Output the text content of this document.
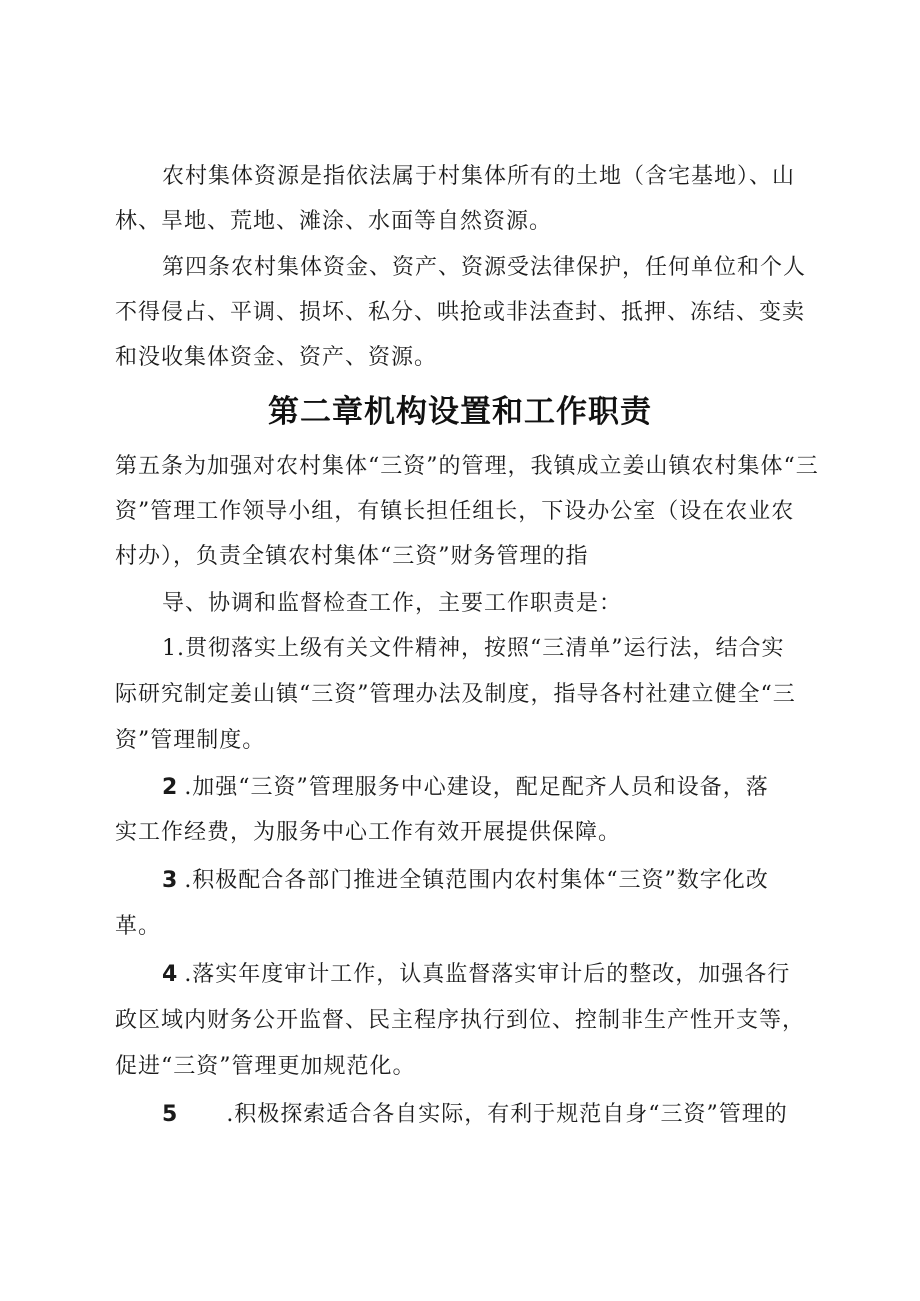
农村集体资源是指依法属于村集体所有的土地（含宅基地）、山
林、旱地、荒地、滩涂、水面等自然资源。
第四条农村集体资金、资产、资源受法律保护，任何单位和个人
不得侵占、平调、损坏、私分、哄抢或非法查封、抵押、冻结、变卖
和没收集体资金、资产、资源。
第二章机构设置和工作职责
第五条为加强对农村集体“三资”的管理，我镇成立姜山镇农村集体“三
资”管理工作领导小组，有镇长担任组长，下设办公室（设在农业农
村办），负责全镇农村集体“三资”财务管理的指
导、协调和监督检查工作，主要工作职责是：
1.贯彻落实上级有关文件精神，按照“三清单”运行法，结合实
际研究制定姜山镇“三资”管理办法及制度，指导各村社建立健全“三
资”管理制度。
2 .加强“三资”管理服务中心建设，配足配齐人员和设备，落
实工作经费，为服务中心工作有效开展提供保障。
3 .积极配合各部门推进全镇范围内农村集体“三资”数字化改
革。
4 .落实年度审计工作，认真监督落实审计后的整改，加强各行
政区域内财务公开监督、民主程序执行到位、控制非生产性开支等，
促进“三资”管理更加规范化。
5 .积极探索适合各自实际，有利于规范自身“三资”管理的
